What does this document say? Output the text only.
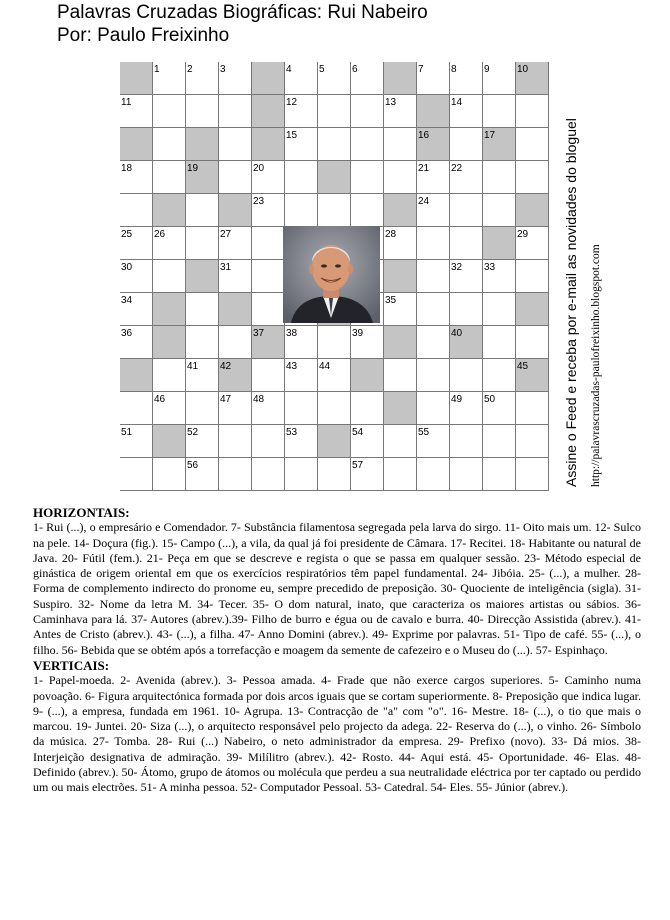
Palavras Cruzadas Biográficas: Rui Nabeiro
Por: Paulo Freixinho
1	2	3	4	5	6	7	8	9	10
11	12	13	14
15	16	17
18	19	20	21 22
23	24
25 26	27	28	29
30	31	32 33
34	35
36	37 38	39	40
41 42	43 44	45
46	47 48	49 50
51	52	53	54	55
56	57	Assine o Feed e receba por e-mail as novidades do bloguel http://palavrascruzadas-paulofreixinho.blogspot.com
HORIZONTAIS:

1- Rui (...), o empresário e Comendador. 7- Substância filamentosa segregada pela larva do sirgo. 11- Oito mais um. 12- Sulco na pele. 14- Doçura (fig.). 15- Campo (...), a vila, da qual já foi presidente de Câmara. 17- Recitei. 18- Habitante ou natural de Java. 20- Fútil (fem.). 21- Peça em que se descreve e regista o que se passa em qualquer sessão. 23- Método especial de ginástica de origem oriental em que os exercícios respiratórios têm papel fundamental. 24- Jibóia. 25- (...), a mulher. 28- Forma de complemento indirecto do pronome eu, sempre precedido de preposição. 30- Quociente de inteligência (sigla). 31- Suspiro. 32- Nome da letra M. 34- Tecer. 35- O dom natural, inato, que caracteriza os maiores artistas ou sábios. 36- Caminhava para lá. 37- Autores (abrev.).39- Filho de burro e égua ou de cavalo e burra. 40- Direcção Assistida (abrev.). 41- Antes de Cristo (abrev.). 43- (...), a filha. 47- Anno Domini (abrev.). 49- Exprime por palavras. 51- Tipo de café. 55- (...), o filho. 56- Bebida que se obtém após a torrefacção e moagem da semente de cafezeiro e o Museu do (...). 57- Espinhaço.

VERTICAIS:

1- Papel-moeda. 2- Avenida (abrev.). 3- Pessoa amada. 4- Frade que não exerce cargos superiores. 5- Caminho numa povoação. 6- Figura arquitectónica formada por dois arcos iguais que se cortam superiormente. 8- Preposição que indica lugar. 9- (...), a empresa, fundada em 1961. 10- Agrupa. 13- Contracção de "a" com "o". 16- Mestre. 18- (...), o tio que mais o marcou. 19- Juntei. 20- Siza (...), o arquitecto responsável pelo projecto da adega. 22- Reserva do (...), o vinho. 26- Símbolo da música. 27- Tomba. 28- Rui (...) Nabeiro, o neto administrador da empresa. 29- Prefixo (novo). 33- Dá mios. 38- Interjeição designativa de admiração. 39- Milílitro (abrev.). 42- Rosto. 44- Aqui está. 45- Oportunidade. 46- Elas. 48- Definido (abrev.). 50- Átomo, grupo de átomos ou molécula que perdeu a sua neutralidade eléctrica por ter captado ou perdido um ou mais electrões. 51- A minha pessoa. 52- Computador Pessoal. 53- Catedral. 54- Eles. 55- Júnior (abrev.).
